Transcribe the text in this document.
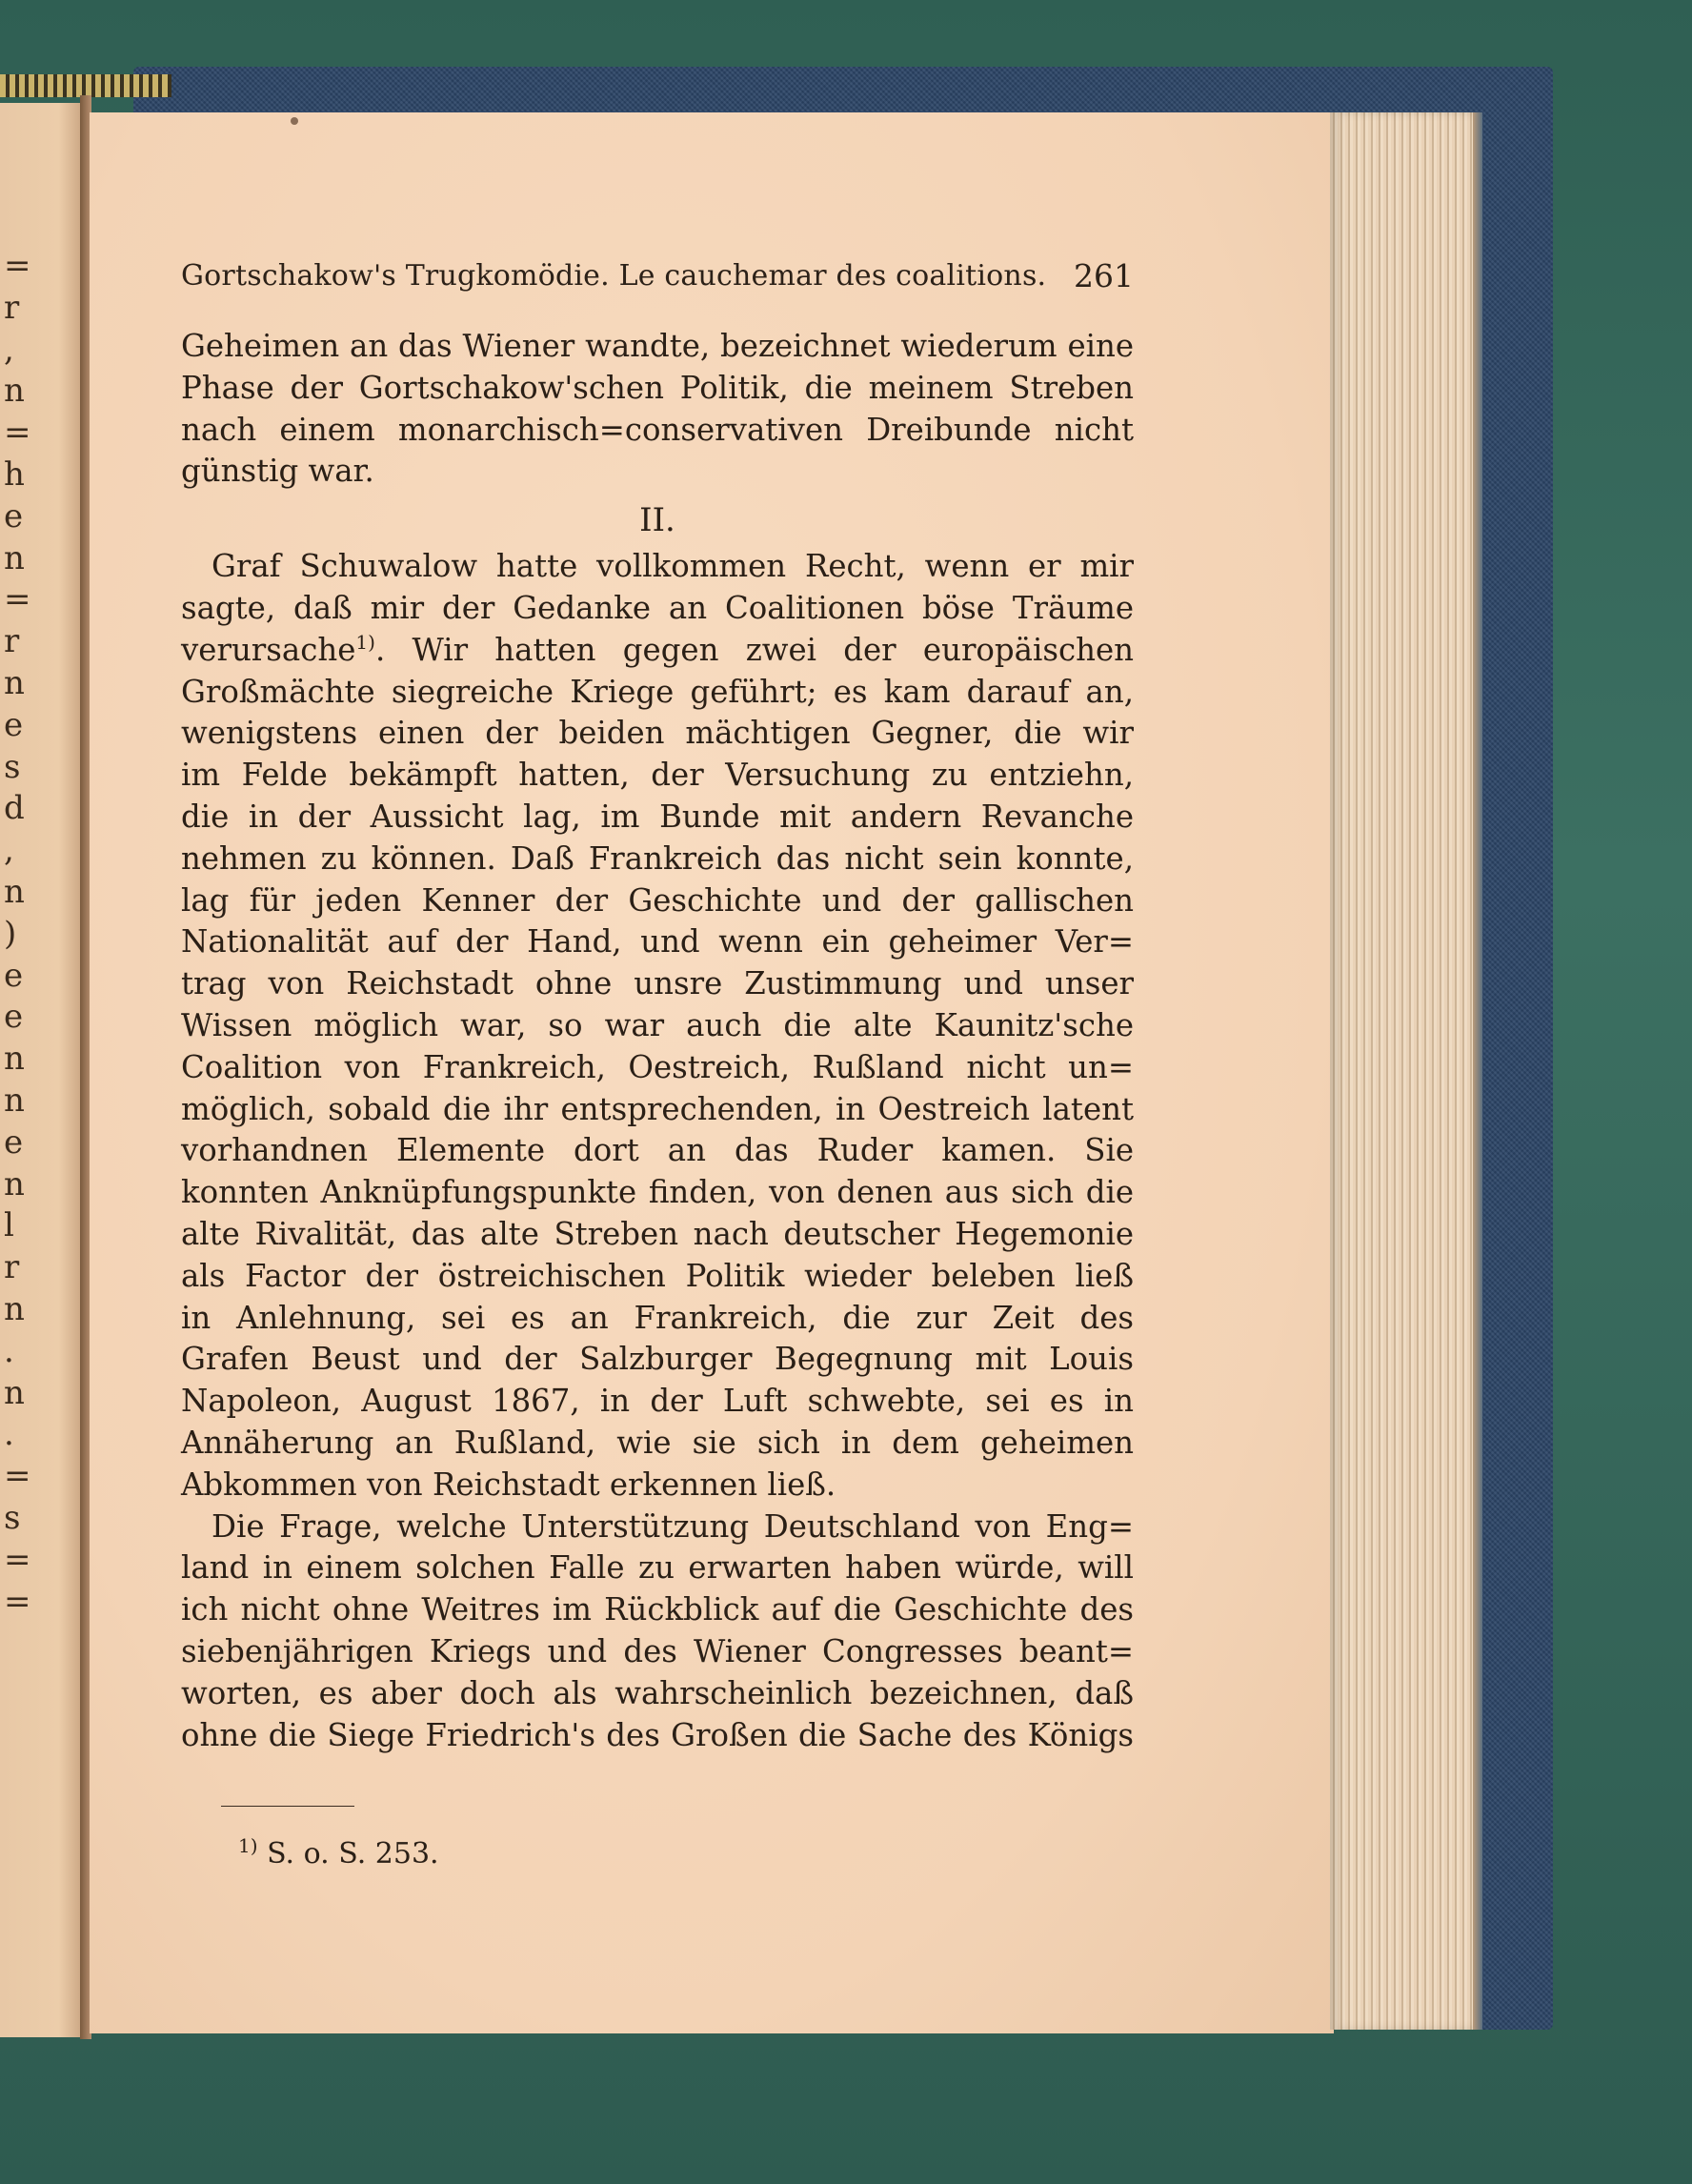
=
r
,
n
=
h
e
n
=
r
n
e
s
d
,
n
)
e
e
n
n
e
n
l
r
n
.
n
.
=
s
=
=
Gortschakow's Trugkomödie. Le cauchemar des coalitions. 261
Geheimen an das Wiener wandte, bezeichnet wiederum eine
Phase der Gortschakow'schen Politik, die meinem Streben
nach einem monarchisch=conservativen Dreibunde nicht
günstig war.
II.
Graf Schuwalow hatte vollkommen Recht, wenn er mir
sagte, daß mir der Gedanke an Coalitionen böse Träume
verursache$^{1)}$. Wir hatten gegen zwei der europäischen
Großmächte siegreiche Kriege geführt; es kam darauf an,
wenigstens einen der beiden mächtigen Gegner, die wir
im Felde bekämpft hatten, der Versuchung zu entziehn,
die in der Aussicht lag, im Bunde mit andern Revanche
nehmen zu können. Daß Frankreich das nicht sein konnte,
lag für jeden Kenner der Geschichte und der gallischen
Nationalität auf der Hand, und wenn ein geheimer Ver=
trag von Reichstadt ohne unsre Zustimmung und unser
Wissen möglich war, so war auch die alte Kaunitz'sche
Coalition von Frankreich, Oestreich, Rußland nicht un=
möglich, sobald die ihr entsprechenden, in Oestreich latent
vorhandnen Elemente dort an das Ruder kamen. Sie
konnten Anknüpfungspunkte finden, von denen aus sich die
alte Rivalität, das alte Streben nach deutscher Hegemonie
als Factor der östreichischen Politik wieder beleben ließ
in Anlehnung, sei es an Frankreich, die zur Zeit des
Grafen Beust und der Salzburger Begegnung mit Louis
Napoleon, August 1867, in der Luft schwebte, sei es in
Annäherung an Rußland, wie sie sich in dem geheimen
Abkommen von Reichstadt erkennen ließ.
Die Frage, welche Unterstützung Deutschland von Eng=
land in einem solchen Falle zu erwarten haben würde, will
ich nicht ohne Weitres im Rückblick auf die Geschichte des
siebenjährigen Kriegs und des Wiener Congresses beant=
worten, es aber doch als wahrscheinlich bezeichnen, daß
ohne die Siege Friedrich's des Großen die Sache des Königs
$^{1)}$ S. o. S. 253.
